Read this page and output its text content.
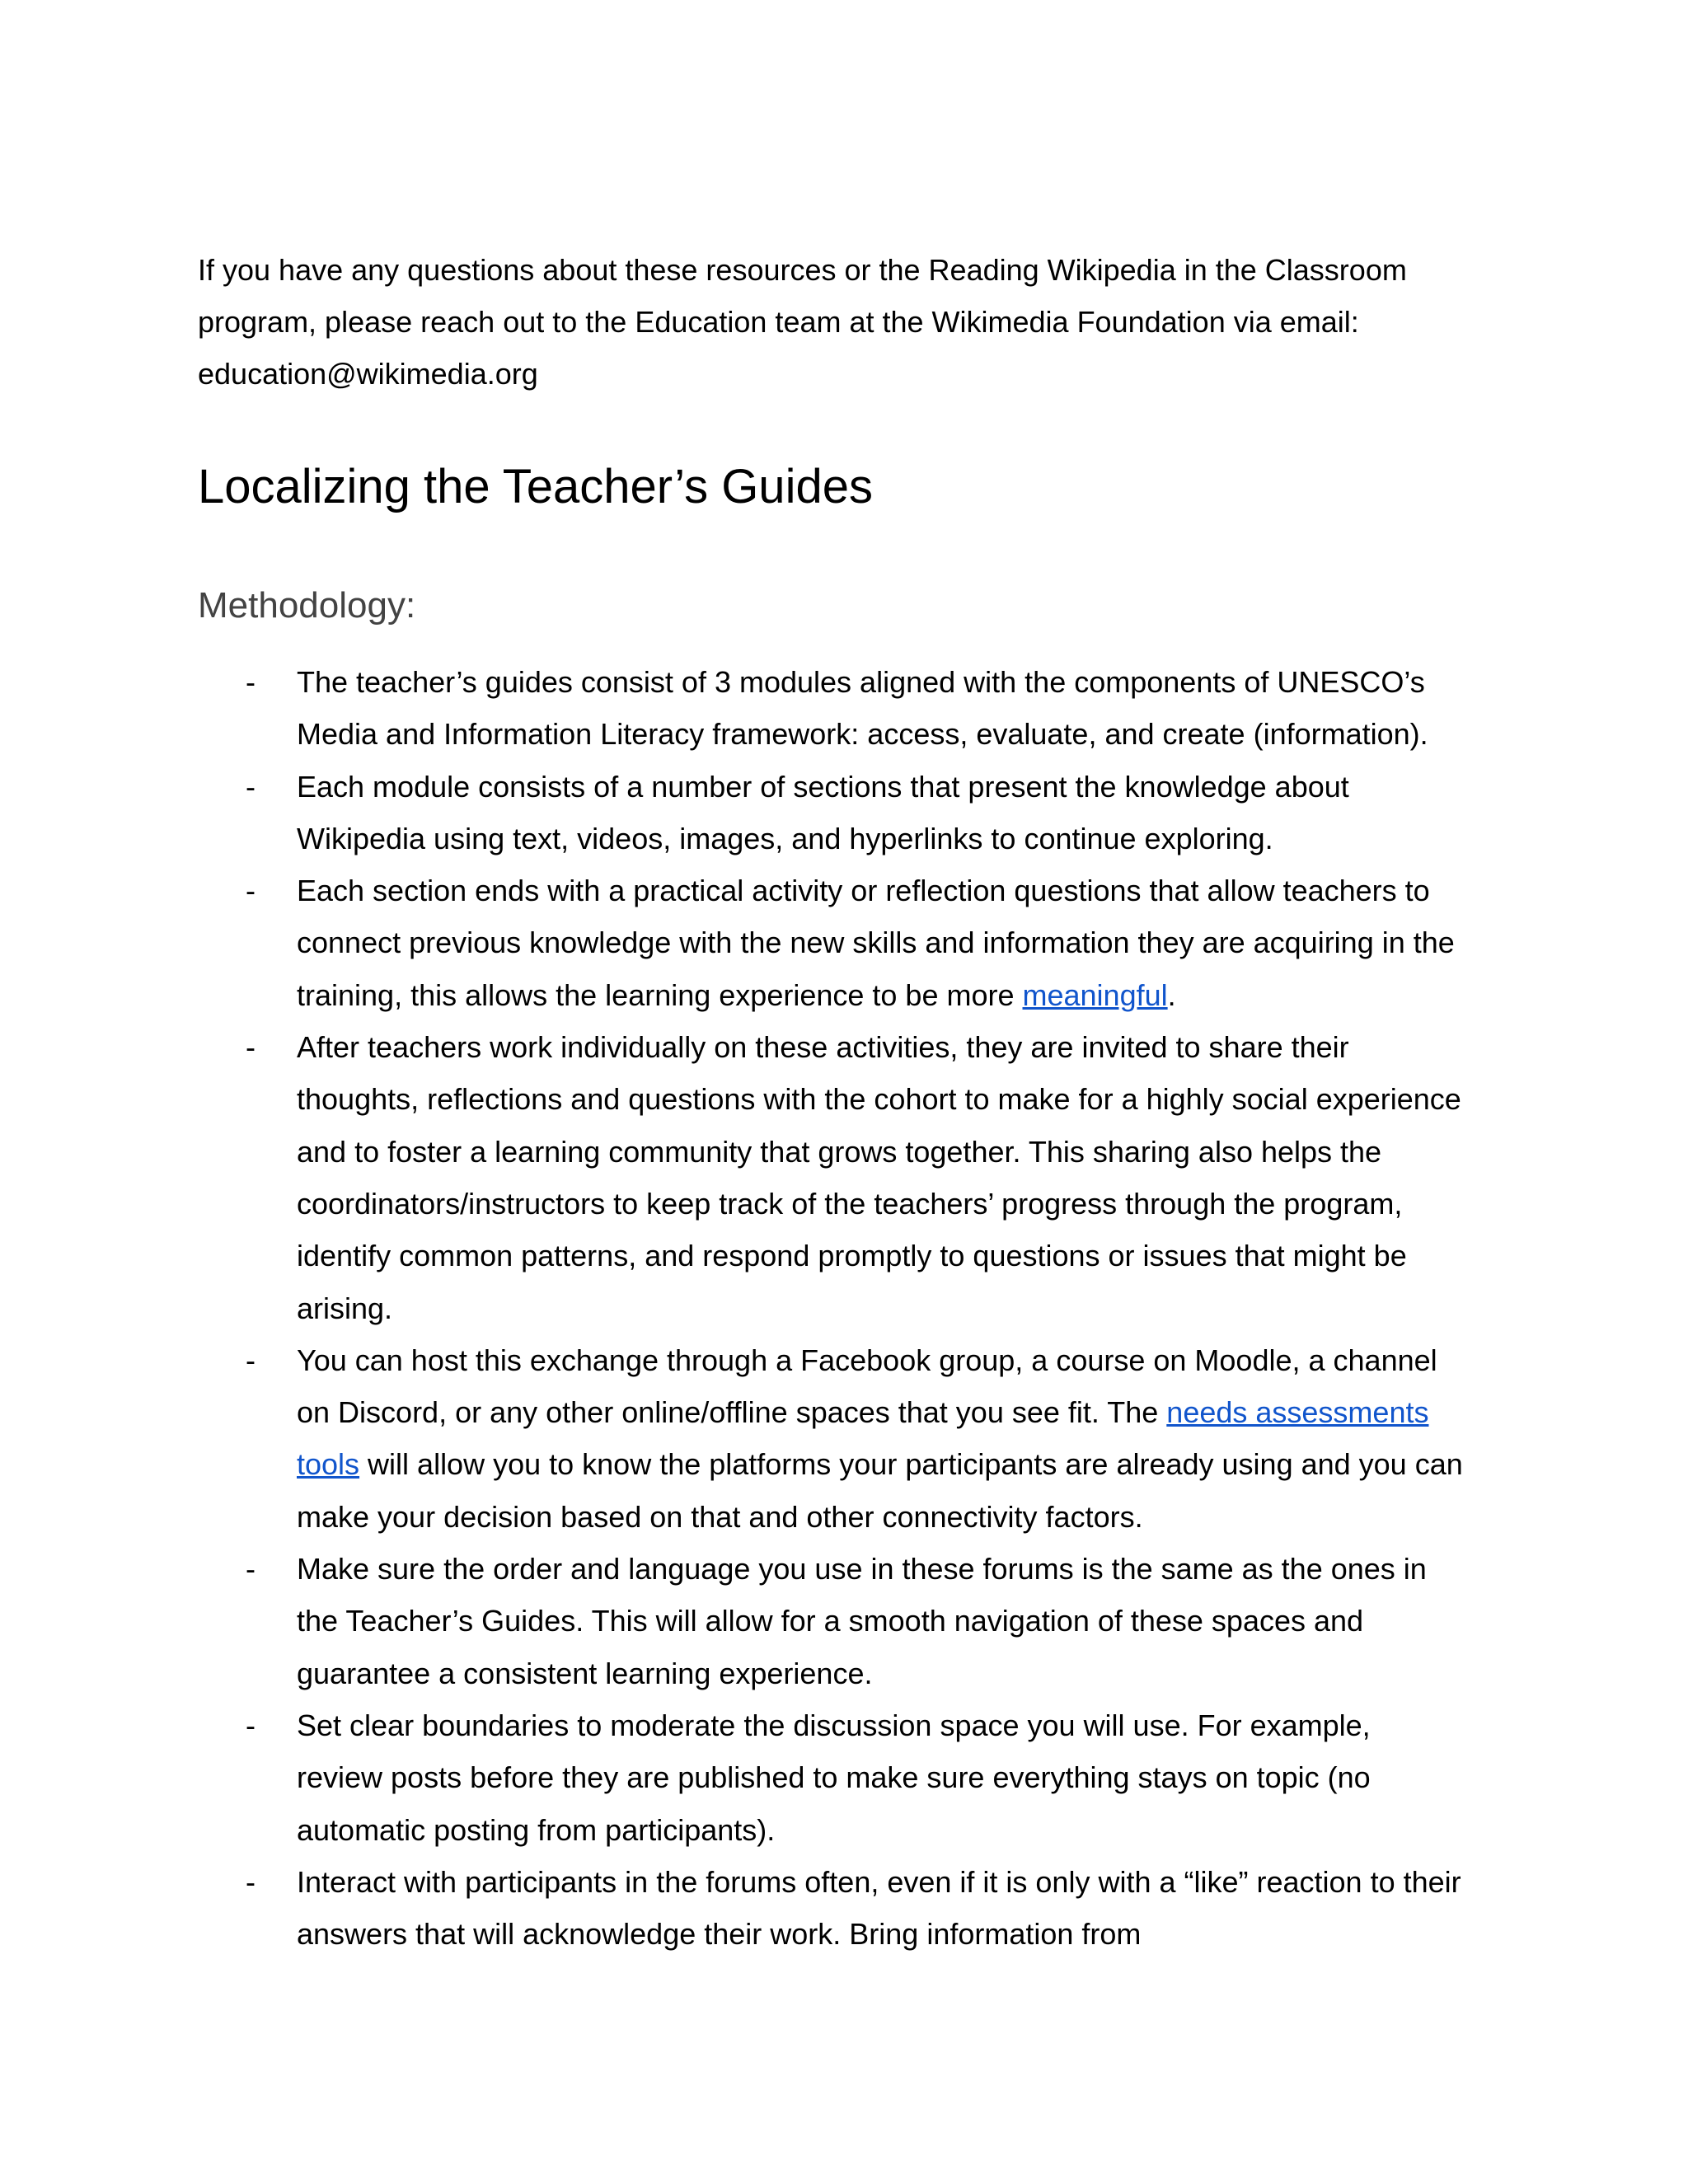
If you have any questions about these resources or the Reading Wikipedia in the Classroom
program, please reach out to the Education team at the Wikimedia Foundation via email:
education@wikimedia.org

Localizing the Teacher’s Guides
Methodology:
- The teacher’s guides consist of 3 modules aligned with the components of UNESCO’s
Media and Information Literacy framework: access, evaluate, and create (information).
- Each module consists of a number of sections that present the knowledge about
Wikipedia using text, videos, images, and hyperlinks to continue exploring.
- Each section ends with a practical activity or reflection questions that allow teachers to
connect previous knowledge with the new skills and information they are acquiring in the
training, this allows the learning experience to be more meaningful.
- After teachers work individually on these activities, they are invited to share their
thoughts, reflections and questions with the cohort to make for a highly social experience
and to foster a learning community that grows together. This sharing also helps the
coordinators/instructors to keep track of the teachers’ progress through the program,
identify common patterns, and respond promptly to questions or issues that might be
arising.
- You can host this exchange through a Facebook group, a course on Moodle, a channel
on Discord, or any other online/offline spaces that you see fit. The needs assessments
tools will allow you to know the platforms your participants are already using and you can
make your decision based on that and other connectivity factors.
- Make sure the order and language you use in these forums is the same as the ones in
the Teacher’s Guides. This will allow for a smooth navigation of these spaces and
guarantee a consistent learning experience.
- Set clear boundaries to moderate the discussion space you will use. For example,
review posts before they are published to make sure everything stays on topic (no
automatic posting from participants).
- Interact with participants in the forums often, even if it is only with a “like” reaction to their
answers that will acknowledge their work. Bring information from
